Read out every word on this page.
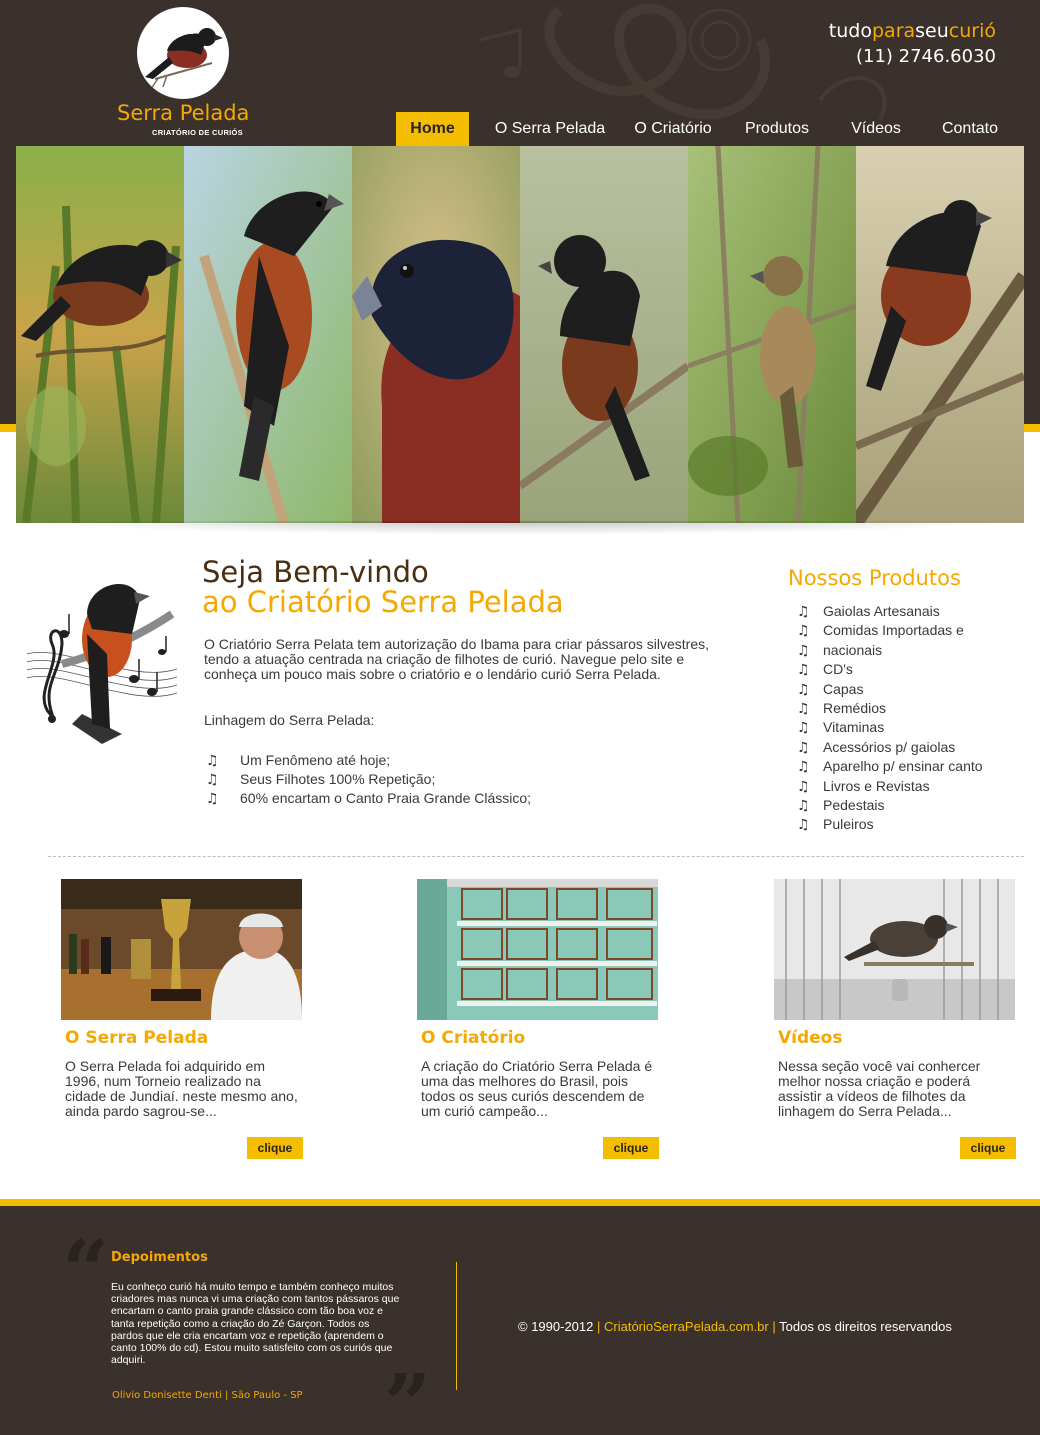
Serra Pelada
CRIATÓRIO DE CURIÓS
tudoparaseucurió
(11) 2746.6030
Home	O Serra Pelada	O Criatório	Produtos	Vídeos	Contato
Seja Bem-vindo
ao Criatório Serra Pelada

O Criatório Serra Pelata tem autorização do Ibama para criar pássaros silvestres, tendo a atuação centrada na criação de filhotes de curió. Navegue pelo site e conheça um pouco mais sobre o criatório e o lendário curió Serra Pelada.

Linhagem do Serra Pelada:
♫ Um Fenômeno até hoje;
♫ Seus Filhotes 100% Repetição;
♫ 60% encartam o Canto Praia Grande Clássico;
Nossos Produtos
♫ Gaiolas Artesanais
♫ Comidas Importadas e
♫ nacionais
♫ CD's
♫ Capas
♫ Remédios
♫ Vitaminas
♫ Acessórios p/ gaiolas
♫ Aparelho p/ ensinar canto
♫ Livros e Revistas
♫ Pedestais
♫ Puleiros
O Serra Pelada

O Serra Pelada foi adquirido em 1996, num Torneio realizado na cidade de Jundiaí. neste mesmo ano, ainda pardo sagrou-se...

clique
O Criatório

A criação do Criatório Serra Pelada é uma das melhores do Brasil, pois todos os seus curiós descendem de um curió campeão...

clique
Vídeos

Nessa seção você vai conhercer melhor nossa criação e poderá assistir a vídeos de filhotes da linhagem do Serra Pelada...

clique
“ Depoimentos

Eu conheço curió há muito tempo e também conheço muitos criadores mas nunca vi uma criação com tantos pássaros que encartam o canto praia grande clássico com tão boa voz e tanta repetição como a criação do Zé Garçon. Todos os pardos que ele cria encartam voz e repetição (aprendem o canto 100% do cd). Estou muito satisfeito com os curiós que adquiri.

Olivio Donisette Denti | São Paulo - SP ”
© 1990-2012 | CriatórioSerraPelada.com.br | Todos os direitos reservandos
